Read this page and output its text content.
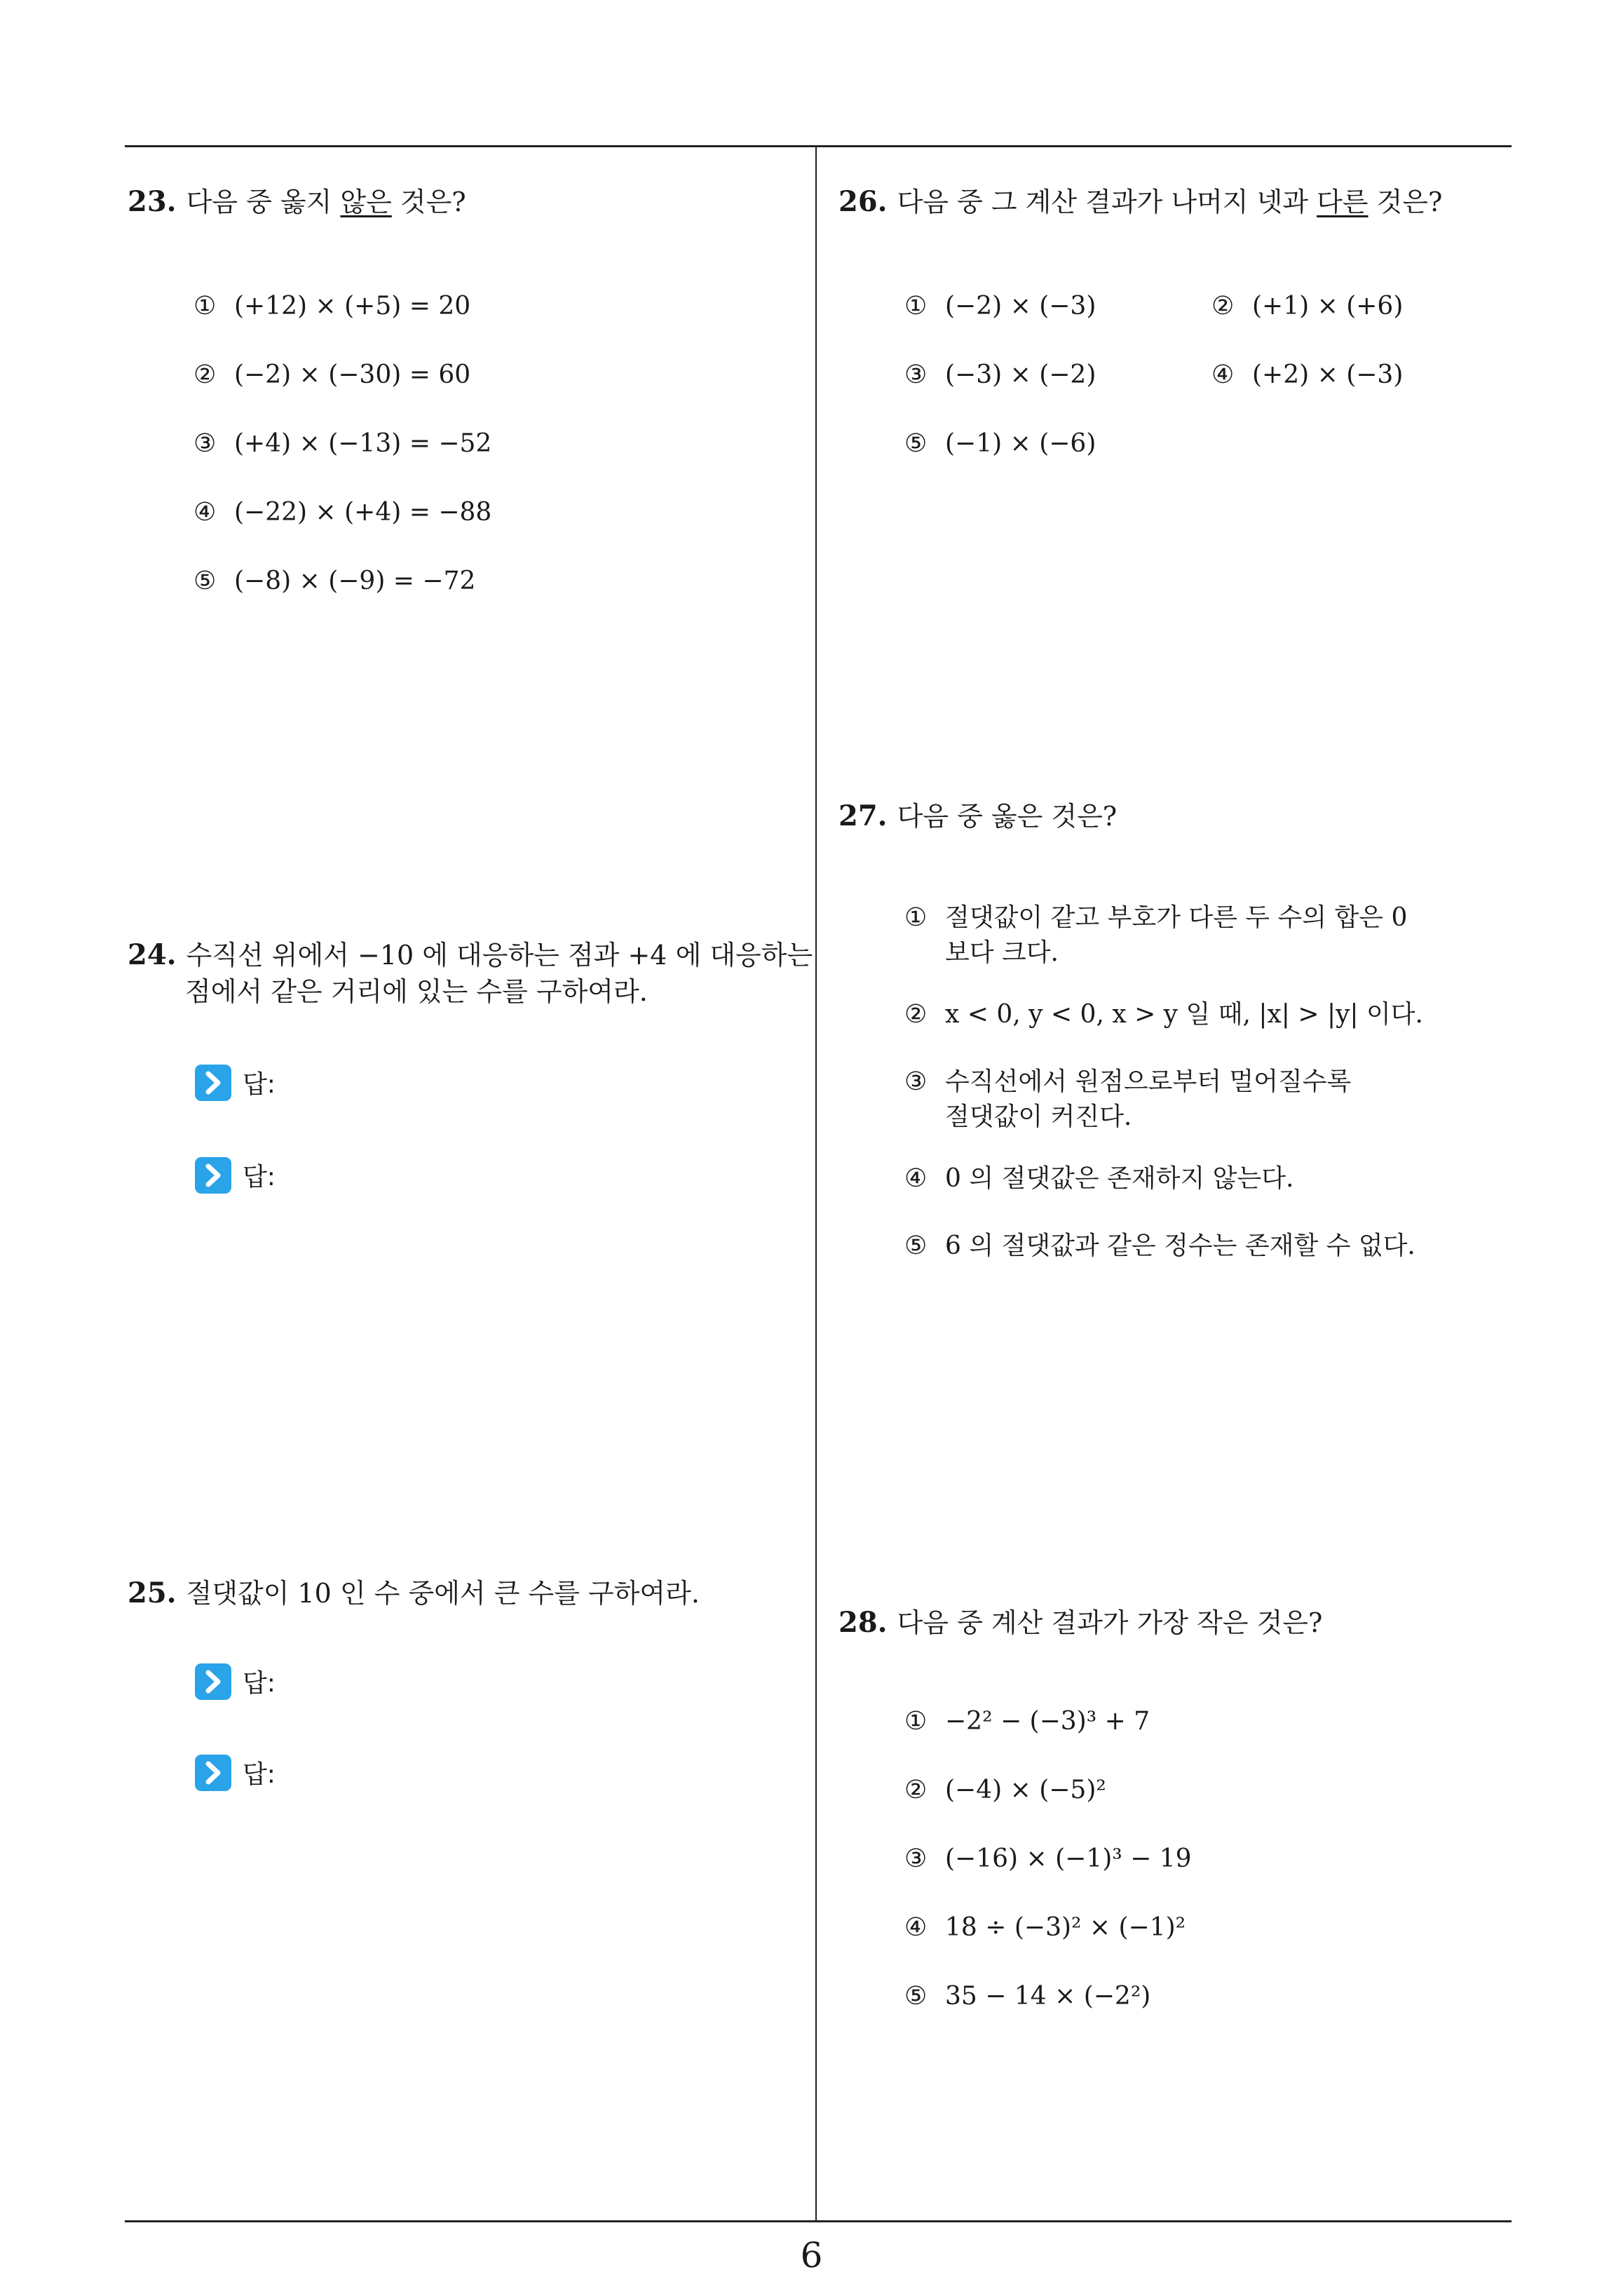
23. 다음 중 옳지 않은 것은?
① (+12) × (+5) = 20
② (−2) × (−30) = 60
③ (+4) × (−13) = −52
④ (−22) × (+4) = −88
⑤ (−8) × (−9) = −72
24. 수직선 위에서 −10 에 대응하는 점과 +4 에 대응하는
점에서 같은 거리에 있는 수를 구하여라.
답:
답:
25. 절댓값이 10 인 수 중에서 큰 수를 구하여라.
답:
답:
26. 다음 중 그 계산 결과가 나머지 넷과 다른 것은?
① (−2) × (−3)	② (+1) × (+6)
③ (−3) × (−2)	④ (+2) × (−3)
⑤ (−1) × (−6)
27. 다음 중 옳은 것은?
① 절댓값이 같고 부호가 다른 두 수의 합은 0
보다 크다.
② x < 0, y < 0, x > y 일 때, |x| > |y| 이다.
③ 수직선에서 원점으로부터 멀어질수록
절댓값이 커진다.
④ 0 의 절댓값은 존재하지 않는다.
⑤ 6 의 절댓값과 같은 정수는 존재할 수 없다.
28. 다음 중 계산 결과가 가장 작은 것은?
① −2² − (−3)³ + 7
② (−4) × (−5)²
③ (−16) × (−1)³ − 19
④ 18 ÷ (−3)² × (−1)²
⑤ 35 − 14 × (−2²)
6
